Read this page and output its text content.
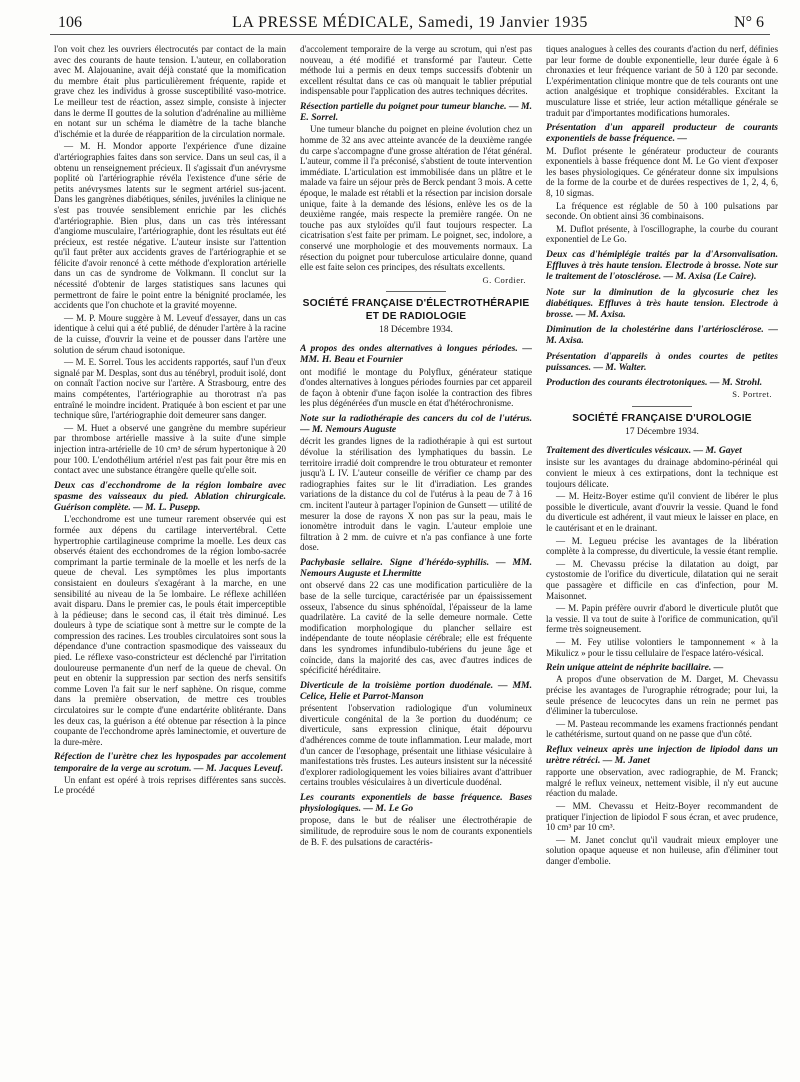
106	LA PRESSE MÉDICALE, Samedi, 19 Janvier 1935	N° 6

l'on voit chez les ouvriers électrocutés par contact de la main avec des courants de haute tension. L'auteur, en collaboration avec M. Alajouanine, avait déjà constaté que la momification du membre était plus particulièrement fréquente, rapide et grave chez les individus à grosse susceptibilité vaso-motrice. Le meilleur test de réaction, assez simple, consiste à injecter dans le derme II gouttes de la solution d'adrénaline au millième en notant sur un schéma le diamètre de la tache blanche d'ischémie et la durée de réapparition de la circulation normale.

— M. H. Mondor apporte l'expérience d'une dizaine d'artériographies faites dans son service. Dans un seul cas, il a obtenu un renseignement précieux. Il s'agissait d'un anévrysme poplité où l'artériographie révéla l'existence d'une série de petits anévrysmes latents sur le segment artériel sus-jacent. Dans les gangrènes diabétiques, séniles, juvéniles la clinique ne s'est pas trouvée sensiblement enrichie par les clichés d'artériographie. Bien plus, dans un cas très intéressant d'angiome musculaire, l'artériographie, dont les résultats eut été précieux, est restée négative. L'auteur insiste sur l'attention qu'il faut prêter aux accidents graves de l'artériographie et se félicite d'avoir renoncé à cette méthode d'exploration artérielle dans un cas de syndrome de Volkmann. Il conclut sur la nécessité d'obtenir de larges statistiques sans lacunes qui permettront de faire le point entre la bénignité proclamée, les accidents que l'on chuchote et la gravité moyenne.

— M. P. Moure suggère à M. Leveuf d'essayer, dans un cas identique à celui qui a été publié, de dénuder l'artère à la racine de la cuisse, d'ouvrir la veine et de pousser dans l'artère une solution de sérum chaud isotonique.

— M. E. Sorrel. Tous les accidents rapportés, sauf l'un d'eux signalé par M. Desplas, sont dus au ténébryl, produit isolé, dont on connaît l'action nocive sur l'artère. A Strasbourg, entre des mains compétentes, l'artériographie au thorotrast n'a pas entraîné le moindre incident. Pratiquée à bon escient et par une technique sûre, l'artériographie doit demeurer sans danger.

— M. Huet a observé une gangrène du membre supérieur par thrombose artérielle massive à la suite d'une simple injection intra-artérielle de 10 cm³ de sérum hypertonique à 20 pour 100. L'endothélium artériel n'est pas fait pour être mis en contact avec une substance étrangère quelle qu'elle soit.

Deux cas d'ecchondrome de la région lombaire avec spasme des vaisseaux du pied. Ablation chirurgicale. Guérison complète. — M. L. Pusepp.

L'ecchondrome est une tumeur rarement observée qui est formée aux dépens du cartilage intervertébral. Cette hypertrophie cartilagineuse comprime la moelle. Les deux cas observés étaient des ecchondromes de la région lombo-sacrée comprimant la partie terminale de la moelle et les nerfs de la queue de cheval. Les symptômes les plus importants consistaient en douleurs s'exagérant à la marche, en une sensibilité au niveau de la 5e lombaire. Le réflexe achilléen avait disparu. Dans le premier cas, le pouls était imperceptible à la pédieuse; dans le second cas, il était très diminué. Les douleurs à type de sciatique sont à mettre sur le compte de la compression des racines. Les troubles circulatoires sont sous la dépendance d'une contraction spasmodique des vaisseaux du pied. Le réflexe vaso-constricteur est déclenché par l'irritation douloureuse permanente d'un nerf de la queue de cheval. On peut en obtenir la suppression par section des nerfs sensitifs comme Loven l'a fait sur le nerf saphène. On risque, comme dans la première observation, de mettre ces troubles circulatoires sur le compte d'une endartérite oblitérante. Dans les deux cas, la guérison a été obtenue par résection à la pince coupante de l'ecchondrome après laminectomie, et ouverture de la dure-mère.

Réfection de l'urètre chez les hypospades par accolement temporaire de la verge au scrotum. — M. Jacques Leveuf.

Un enfant est opéré à trois reprises différentes sans succès. Le procédé

d'accolement temporaire de la verge au scrotum, qui n'est pas nouveau, a été modifié et transformé par l'auteur. Cette méthode lui a permis en deux temps successifs d'obtenir un excellent résultat dans ce cas où manquait le tablier préputial indispensable pour l'application des autres techniques décrites.

Résection partielle du poignet pour tumeur blanche. — M. E. Sorrel.

Une tumeur blanche du poignet en pleine évolution chez un homme de 32 ans avec atteinte avancée de la deuxième rangée du carpe s'accompagne d'une grosse altération de l'état général. L'auteur, comme il l'a préconisé, s'abstient de toute intervention immédiate. L'articulation est immobilisée dans un plâtre et le malade va faire un séjour près de Berck pendant 3 mois. A cette époque, le malade est rétabli et la résection par incision dorsale unique, faite à la demande des lésions, enlève les os de la deuxième rangée, mais respecte la première rangée. On ne touche pas aux styloïdes qu'il faut toujours respecter. La cicatrisation s'est faite per primam. Le poignet, sec, indolore, a conservé une morphologie et des mouvements normaux. La résection du poignet pour tuberculose articulaire donne, quand elle est faite selon ces principes, des résultats excellents.

G. Cordier.

SOCIÉTÉ FRANÇAISE D'ÉLECTROTHÉRAPIE ET DE RADIOLOGIE
18 Décembre 1934.
A propos des ondes alternatives à longues périodes. — MM. H. Beau et Fournier

ont modifié le montage du Polyflux, générateur statique d'ondes alternatives à longues périodes fournies par cet appareil de façon à obtenir d'une façon isolée la contraction des fibres les plus dégénérées d'un muscle en état d'hétérochronisme.

Note sur la radiothérapie des cancers du col de l'utérus. — M. Nemours Auguste

décrit les grandes lignes de la radiothérapie à qui est surtout dévolue la stérilisation des lymphatiques du bassin. Le territoire irradié doit comprendre le trou obturateur et remonter jusqu'à L IV. L'auteur conseille de vérifier ce champ par des radiographies faites sur le lit d'irradiation. Les grandes variations de la distance du col de l'utérus à la peau de 7 à 16 cm. incitent l'auteur à partager l'opinion de Gunsett — utilité de mesurer la dose de rayons X non pas sur la peau, mais le ionomètre introduit dans le vagin. L'auteur emploie une filtration à 2 mm. de cuivre et n'a pas confiance à une forte dose.

Pachybasie sellaire. Signe d'hérédo-syphilis. — MM. Nemours Auguste et Lhermitte

ont observé dans 22 cas une modification particulière de la base de la selle turcique, caractérisée par un épaississement osseux, l'absence du sinus sphénoïdal, l'épaisseur de la lame quadrilatère. La cavité de la selle demeure normale. Cette modification morphologique du plancher sellaire est indépendante de toute néoplasie cérébrale; elle est fréquente dans les syndromes infundibulo-tubériens du jeune âge et coïncide, dans la majorité des cas, avec d'autres indices de spécificité héréditaire.

Diverticule de la troisième portion duodénale. — MM. Celice, Helie et Parrot-Manson

présentent l'observation radiologique d'un volumineux diverticule congénital de la 3e portion du duodénum; ce diverticule, sans expression clinique, était dépourvu d'adhérences comme de toute inflammation. Leur malade, mort d'un cancer de l'œsophage, présentait une lithiase vésiculaire à manifestations très frustes. Les auteurs insistent sur la nécessité d'explorer radiologiquement les voies biliaires avant d'attribuer certains troubles vésiculaires à un diverticule duodénal.

Les courants exponentiels de basse fréquence. Bases physiologiques. — M. Le Go

propose, dans le but de réaliser une électrothérapie de similitude, de reproduire sous le nom de courants exponentiels de B. F. des pulsations de caractéris-

tiques analogues à celles des courants d'action du nerf, définies par leur forme de double exponentielle, leur durée égale à 6 chronaxies et leur fréquence variant de 50 à 120 par seconde. L'expérimentation clinique montre que de tels courants ont une action analgésique et trophique considérables. Excitant la musculature lisse et striée, leur action métallique générale se traduit par d'importantes modifications humorales.

Présentation d'un appareil producteur de courants exponentiels de basse fréquence. —

M. Duflot présente le générateur producteur de courants exponentiels à basse fréquence dont M. Le Go vient d'exposer les bases physiologiques. Ce générateur donne six impulsions de la forme de la courbe et de durées respectives de 1, 2, 4, 6, 8, 10 sigmas.

La fréquence est réglable de 50 à 100 pulsations par seconde. On obtient ainsi 36 combinaisons.

M. Duflot présente, à l'oscillographe, la courbe du courant exponentiel de Le Go.

Deux cas d'hémiplégie traités par la d'Arsonvalisation. Effluves à très haute tension. Electrode à brosse. Note sur le traitement de l'otosclérose. — M. Axisa (Le Caire).
Note sur la diminution de la glycosurie chez les diabétiques. Effluves à très haute tension. Electrode à brosse. — M. Axisa.
Diminution de la cholestérine dans l'artériosclérose. — M. Axisa.
Présentation d'appareils à ondes courtes de petites puissances. — M. Walter.
Production des courants électrotoniques. — M. Strohl.

S. Portret.

SOCIÉTÉ FRANÇAISE D'UROLOGIE
17 Décembre 1934.
Traitement des diverticules vésicaux. — M. Gayet

insiste sur les avantages du drainage abdomino-périnéal qui convient le mieux à ces extirpations, dont la technique est toujours délicate.

— M. Heitz-Boyer estime qu'il convient de libérer le plus possible le diverticule, avant d'ouvrir la vessie. Quand le fond du diverticule est adhérent, il vaut mieux le laisser en place, en le cautérisant et en le drainant.

— M. Legueu précise les avantages de la libération complète à la compresse, du diverticule, la vessie étant remplie.

— M. Chevassu précise la dilatation au doigt, par cystostomie de l'orifice du diverticule, dilatation qui ne serait que passagère et difficile en cas d'infection, pour M. Maisonnet.

— M. Papin préfère ouvrir d'abord le diverticule plutôt que la vessie. Il va tout de suite à l'orifice de communication, qu'il ferme très soigneusement.

— M. Fey utilise volontiers le tamponnement « à la Mikulicz » pour le tissu cellulaire de l'espace latéro-vésical.

Rein unique atteint de néphrite bacillaire. —

A propos d'une observation de M. Darget, M. Chevassu précise les avantages de l'urographie rétrograde; pour lui, la seule présence de leucocytes dans un rein ne permet pas d'éliminer la tuberculose.

— M. Pasteau recommande les examens fractionnés pendant le cathétérisme, surtout quand on ne passe que d'un côté.

Reflux veineux après une injection de lipiodol dans un urètre rétréci. — M. Janet

rapporte une observation, avec radiographie, de M. Franck; malgré le reflux veineux, nettement visible, il n'y eut aucune réaction du malade.

— MM. Chevassu et Heitz-Boyer recommandent de pratiquer l'injection de lipiodol F sous écran, et avec prudence, 10 cm³ par 10 cm³.

— M. Janet conclut qu'il vaudrait mieux employer une solution opaque aqueuse et non huileuse, afin d'éliminer tout danger d'embolie.
